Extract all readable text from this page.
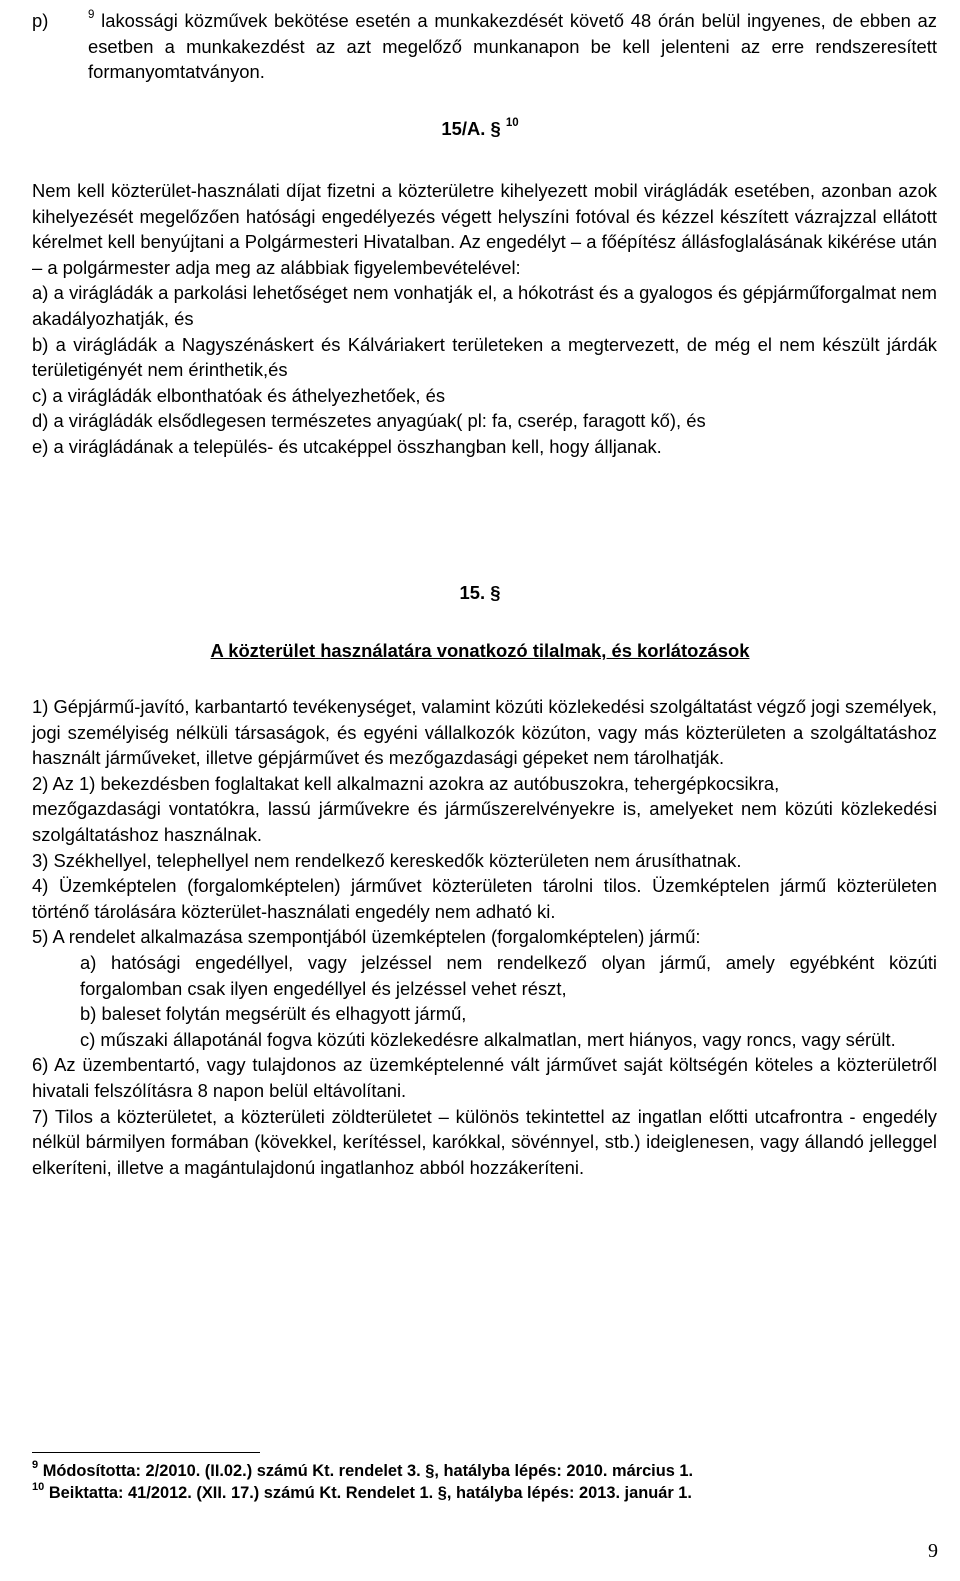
p)	$^9$ lakossági közművek bekötése esetén a munkakezdését követő 48 órán belül ingyenes, de ebben az esetben a munkakezdést az azt megelőző munkanapon be kell jelenteni az erre rendszeresített formanyomtatványon.
15/A. § $^{10}$

Nem kell közterület-használati díjat fizetni a közterületre kihelyezett mobil virágládák esetében, azonban azok kihelyezését megelőzően hatósági engedélyezés végett helyszíni fotóval és kézzel készített vázrajzzal ellátott kérelmet kell benyújtani a Polgármesteri Hivatalban. Az engedélyt – a főépítész állásfoglalásának kikérése után – a polgármester adja meg az alábbiak figyelembevételével:

a) a virágládák a parkolási lehetőséget nem vonhatják el, a hókotrást és a gyalogos és gépjárműforgalmat nem akadályozhatják, és

b) a virágládák a Nagyszénáskert és Kálváriakert területeken a megtervezett, de még el nem készült járdák területigényét nem érinthetik,és

c) a virágládák elbonthatóak és áthelyezhetőek, és

d) a virágládák elsődlegesen természetes anyagúak( pl: fa, cserép, faragott kő), és

e) a virágládának a település- és utcaképpel összhangban kell, hogy álljanak.

15. §
A közterület használatára vonatkozó tilalmak, és korlátozások

1) Gépjármű-javító, karbantartó tevékenységet, valamint közúti közlekedési szolgáltatást végző jogi személyek, jogi személyiség nélküli társaságok, és egyéni vállalkozók közúton, vagy más közterületen a szolgáltatáshoz használt járműveket, illetve gépjárművet és mezőgazdasági gépeket nem tárolhatják.

2) Az 1) bekezdésben foglaltakat kell alkalmazni azokra az autóbuszokra, tehergépkocsikra,

mezőgazdasági vontatókra, lassú járművekre és járműszerelvényekre is, amelyeket nem közúti közlekedési szolgáltatáshoz használnak.

3) Székhellyel, telephellyel nem rendelkező kereskedők közterületen nem árusíthatnak.

4) Üzemképtelen (forgalomképtelen) járművet közterületen tárolni tilos. Üzemképtelen jármű közterületen történő tárolására közterület-használati engedély nem adható ki.

5) A rendelet alkalmazása szempontjából üzemképtelen (forgalomképtelen) jármű:

a) hatósági engedéllyel, vagy jelzéssel nem rendelkező olyan jármű, amely egyébként közúti forgalomban csak ilyen engedéllyel és jelzéssel vehet részt,

b) baleset folytán megsérült és elhagyott jármű,

c) műszaki állapotánál fogva közúti közlekedésre alkalmatlan, mert hiányos, vagy roncs, vagy sérült.

6) Az üzembentartó, vagy tulajdonos az üzemképtelenné vált járművet saját költségén köteles a közterületről hivatali felszólításra 8 napon belül eltávolítani.

7) Tilos a közterületet, a közterületi zöldterületet – különös tekintettel az ingatlan előtti utcafrontra - engedély nélkül bármilyen formában (kövekkel, kerítéssel, karókkal, sövénnyel, stb.) ideiglenesen, vagy állandó jelleggel elkeríteni, illetve a magántulajdonú ingatlanhoz abból hozzákeríteni.

$^9$ Módosította: 2/2010. (II.02.) számú Kt. rendelet 3. §, hatályba lépés: 2010. március 1.

$^{10}$ Beiktatta: 41/2012. (XII. 17.) számú Kt. Rendelet 1. §, hatályba lépés: 2013. január 1.

9
